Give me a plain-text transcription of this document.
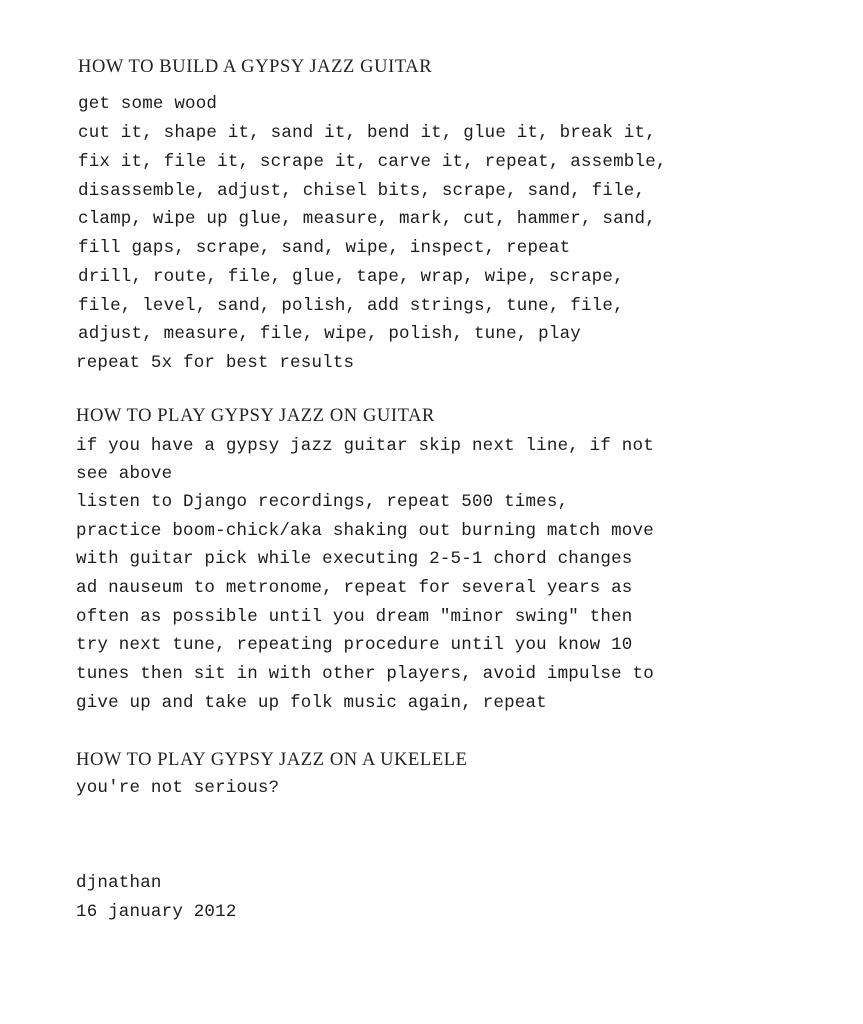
HOW TO BUILD A GYPSY JAZZ GUITAR
get some wood
cut it, shape it, sand it, bend it, glue it, break it,
fix it, file it, scrape it, carve it, repeat, assemble,
disassemble, adjust, chisel bits, scrape, sand, file,
clamp, wipe up glue, measure, mark, cut, hammer, sand,
fill gaps, scrape, sand, wipe, inspect, repeat
drill, route, file, glue, tape, wrap, wipe, scrape,
file, level, sand, polish, add strings, tune, file,
adjust, measure, file, wipe, polish, tune, play
repeat 5x for best results
HOW TO PLAY GYPSY JAZZ ON GUITAR
if you have a gypsy jazz guitar skip next line, if not
see above
listen to Django recordings, repeat 500 times,
practice boom-chick/aka shaking out burning match move
with guitar pick while executing 2-5-1 chord changes
ad nauseum to metronome, repeat for several years as
often as possible until you dream "minor swing" then
try next tune, repeating procedure until you know 10
tunes then sit in with other players, avoid impulse to
give up and take up folk music again, repeat
HOW TO PLAY GYPSY JAZZ ON A UKELELE
you're not serious?
djnathan
16 january 2012
